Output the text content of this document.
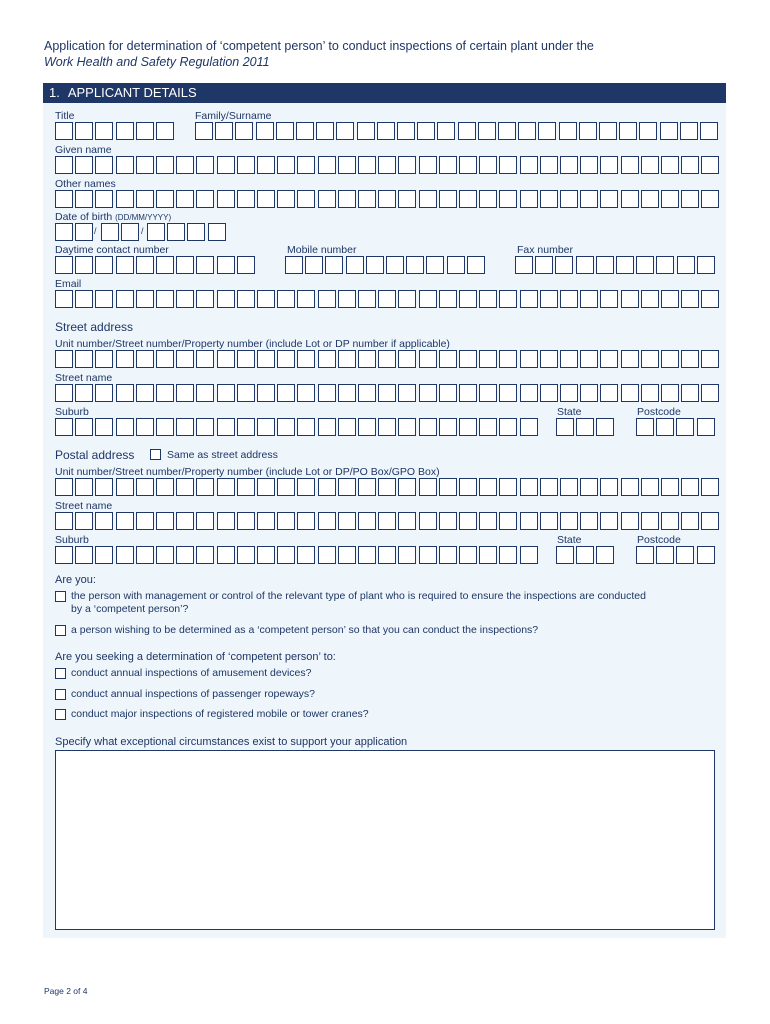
Application for determination of ‘competent person’ to conduct inspections of certain plant under the
Work Health and Safety Regulation 2011
1. APPLICANT DETAILS
Title	Family/Surname
Given name
Other names
Date of birth (DD/MM/YYYY)
/	/
Daytime contact number	Mobile number	Fax number
Email
Street address
Unit number/Street number/Property number (include Lot or DP number if applicable)
Street name
Suburb	State	Postcode
Postal address	Same as street address
Unit number/Street number/Property number (include Lot or DP/PO Box/GPO Box)
Street name
Suburb	State	Postcode
Are you:
the person with management or control of the relevant type of plant who is required to ensure the inspections are conducted
by a ‘competent person’?
a person wishing to be determined as a ‘competent person’ so that you can conduct the inspections?
Are you seeking a determination of ‘competent person’ to:
conduct annual inspections of amusement devices?
conduct annual inspections of passenger ropeways?
conduct major inspections of registered mobile or tower cranes?
Specify what exceptional circumstances exist to support your application
Page 2 of 4
